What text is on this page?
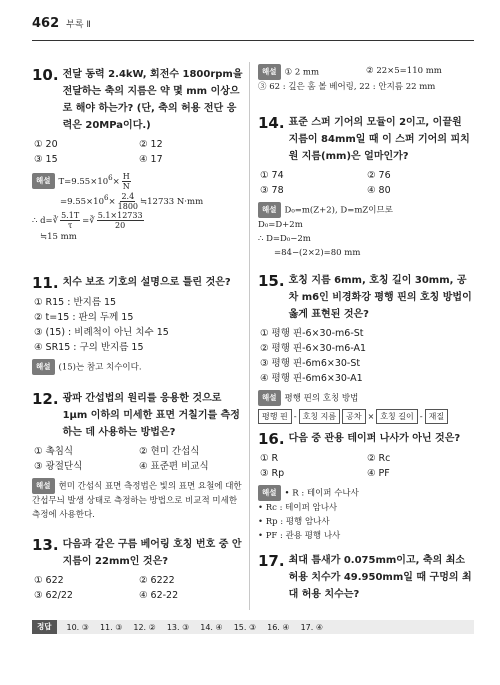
462 부록 Ⅱ
10. 전달 동력 2.4kW, 회전수 1800rpm을 전달하는 축의 지름은 약 몇 mm 이상으로 해야 하는가? (단, 축의 허용 전단 응력은 20MPa이다.)
① 20	② 12
③ 15	④ 17
해설 $T=9.55\times 10^6\times \frac{H}{N}$
$=9.55\times 10^6\times \frac{2.4}{1800}$ ≒12733 N·mm
∴ d=∛ $\frac{5.1T}{\tau}$ =∛ $\frac{5.1\times 12733}{20}$
≒15 mm
11. 치수 보조 기호의 설명으로 틀린 것은?
① R15 : 반지름 15
② t=15 : 판의 두께 15
③ (15) : 비례척이 아닌 치수 15
④ SR15 : 구의 반지름 15
해설 (15)는 참고 치수이다.
12. 광파 간섭법의 원리를 응용한 것으로 1μm 이하의 미세한 표면 거칠기를 측정하는 데 사용하는 방법은?
① 촉침식	② 현미 간섭식
③ 광절단식	④ 표준편 비교식
해설 현미 간섭식 표면 측정법은 빛의 표면 요철에 대한 간섭무늬 발생 상태로 측정하는 방법으로 비교적 미세한 측정에 사용한다.
13. 다음과 같은 구름 베어링 호칭 번호 중 안지름이 22mm인 것은?
① 622	② 6222
③ 62/22	④ 62-22
해설 ① 2 mm	② 22×5=110 mm
③ 62 : 깊은 홈 볼 베어링, 22 : 안지름 22 mm
14. 표준 스퍼 기어의 모듈이 2이고, 이끝원 지름이 84mm일 때 이 스퍼 기어의 피치원 지름(mm)은 얼마인가?
① 74	② 76
③ 78	④ 80
해설 D₀=m(Z+2), D=mZ이므로
D₀=D+2m
∴ D=D₀−2m
=84−(2×2)=80 mm
15. 호칭 지름 6mm, 호칭 길이 30mm, 공차 m6인 비경화강 평행 핀의 호칭 방법이 옳게 표현된 것은?
① 평행 핀-6×30-m6-St
② 평행 핀-6×30-m6-A1
③ 평행 핀-6m6×30-St
④ 평행 핀-6m6×30-A1
해설 평행 핀의 호칭 방법
평행 핀 - 호칭 지름	공차 × 호칭 길이 - 재질
16. 다음 중 관용 테이퍼 나사가 아닌 것은?
① R	② Rc
③ Rp	④ PF
해설 • R : 테이퍼 수나사
• Rc : 테이퍼 암나사
• Rp : 평행 암나사
• PF : 관용 평행 나사
17. 최대 틈새가 0.075mm이고, 축의 최소 허용 치수가 49.950mm일 때 구멍의 최대 허용 치수는?
정답	10. ③ 11. ③ 12. ② 13. ③ 14. ④ 15. ③ 16. ④ 17. ④
